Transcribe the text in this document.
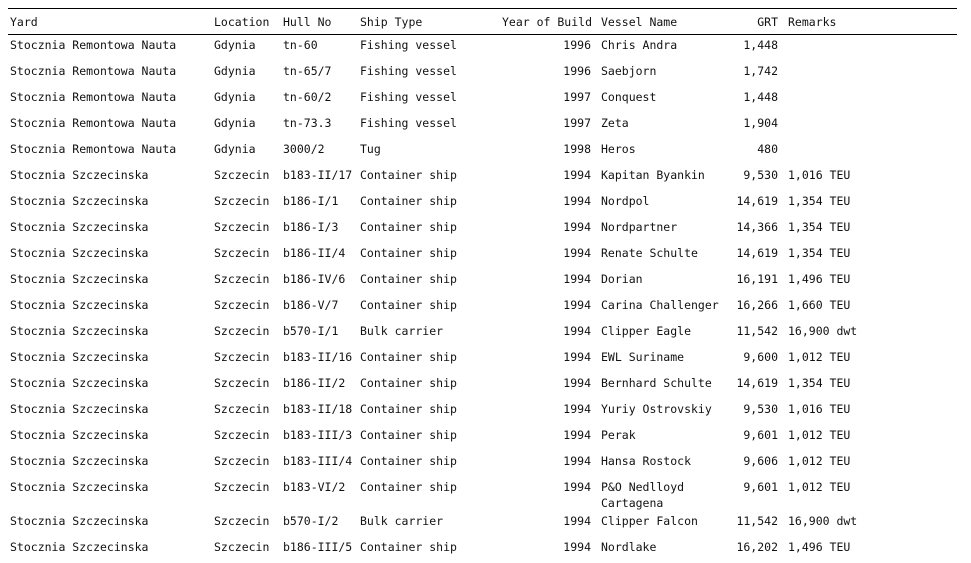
Yard	Location	Hull No	Ship Type	Year of Build	Vessel Name	GRT	Remarks
Stocznia Remontowa Nauta	Gdynia	tn-60	Fishing vessel	1996	Chris Andra	1,448	
Stocznia Remontowa Nauta	Gdynia	tn-65/7	Fishing vessel	1996	Saebjorn	1,742	
Stocznia Remontowa Nauta	Gdynia	tn-60/2	Fishing vessel	1997	Conquest	1,448	
Stocznia Remontowa Nauta	Gdynia	tn-73.3	Fishing vessel	1997	Zeta	1,904	
Stocznia Remontowa Nauta	Gdynia	3000/2	Tug	1998	Heros	480	
Stocznia Szczecinska	Szczecin	b183-II/17	Container ship	1994	Kapitan Byankin	9,530	1,016 TEU
Stocznia Szczecinska	Szczecin	b186-I/1	Container ship	1994	Nordpol	14,619	1,354 TEU
Stocznia Szczecinska	Szczecin	b186-I/3	Container ship	1994	Nordpartner	14,366	1,354 TEU
Stocznia Szczecinska	Szczecin	b186-II/4	Container ship	1994	Renate Schulte	14,619	1,354 TEU
Stocznia Szczecinska	Szczecin	b186-IV/6	Container ship	1994	Dorian	16,191	1,496 TEU
Stocznia Szczecinska	Szczecin	b186-V/7	Container ship	1994	Carina Challenger	16,266	1,660 TEU
Stocznia Szczecinska	Szczecin	b570-I/1	Bulk carrier	1994	Clipper Eagle	11,542	16,900 dwt
Stocznia Szczecinska	Szczecin	b183-II/16	Container ship	1994	EWL Suriname	9,600	1,012 TEU
Stocznia Szczecinska	Szczecin	b186-II/2	Container ship	1994	Bernhard Schulte	14,619	1,354 TEU
Stocznia Szczecinska	Szczecin	b183-II/18	Container ship	1994	Yuriy Ostrovskiy	9,530	1,016 TEU
Stocznia Szczecinska	Szczecin	b183-III/3	Container ship	1994	Perak	9,601	1,012 TEU
Stocznia Szczecinska	Szczecin	b183-III/4	Container ship	1994	Hansa Rostock	9,606	1,012 TEU
Stocznia Szczecinska	Szczecin	b183-VI/2	Container ship	1994	P&O Nedlloyd Cartagena	9,601	1,012 TEU
Stocznia Szczecinska	Szczecin	b570-I/2	Bulk carrier	1994	Clipper Falcon	11,542	16,900 dwt
Stocznia Szczecinska	Szczecin	b186-III/5	Container ship	1994	Nordlake	16,202	1,496 TEU
